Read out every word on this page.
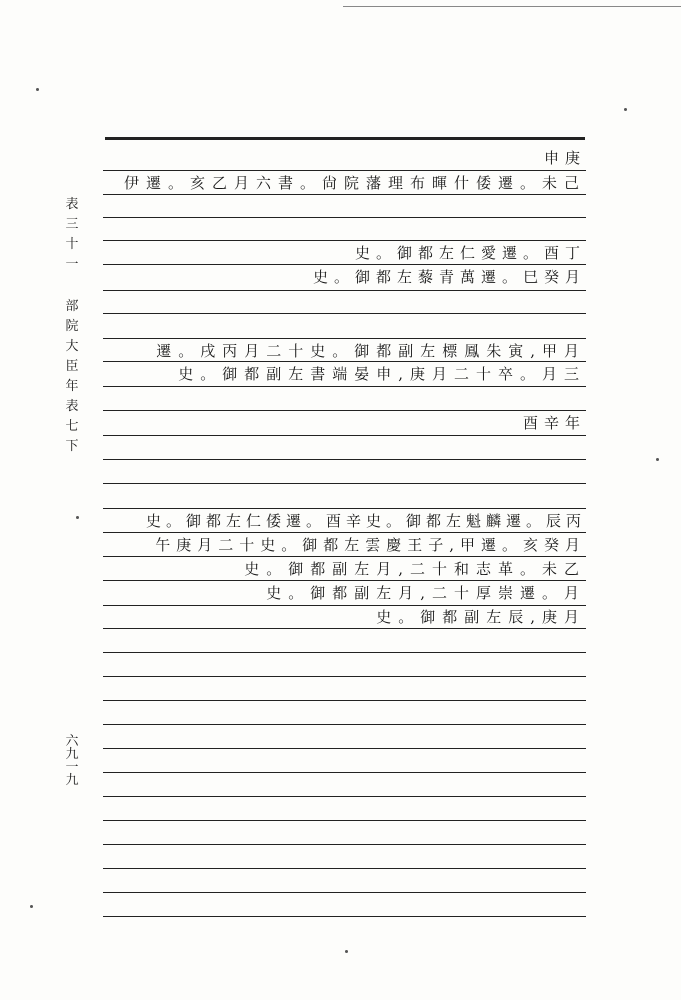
表
三
十
一
部
院
大
臣
年
表
七
下
六
九
一
九
申庚
伊遷。亥乙月六書。尙院藩理布暉什倭遷。未己
史。御都左仁愛遷。酉丁
史。御都左藜青萬遷。巳癸月
遷。戌丙月二十史。御都副左標鳳朱寅,甲月
史。御都副左書端晏申,庚月二十卒。月三
酉辛年
史。御都左仁倭遷。酉辛史。御都左魁麟遷。辰丙
午庚月二十史。御都左雲慶王子,甲遷。亥癸月
史。御都副左月,二十和志革。未乙
史。御都副左月,二十厚崇遷。月
史。御都副左辰,庚月
